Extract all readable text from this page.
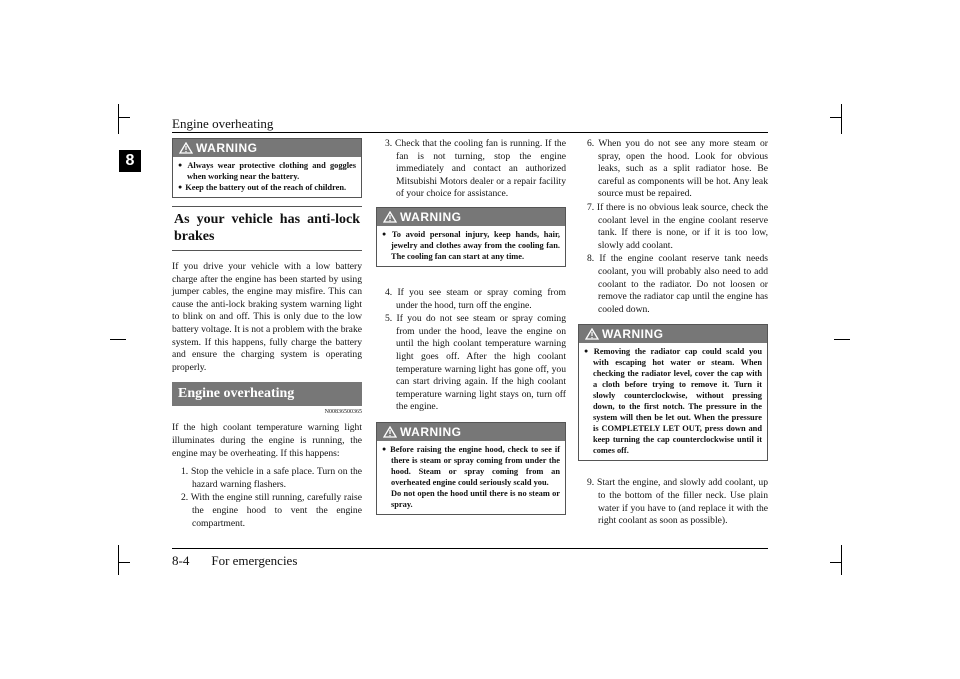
Engine overheating
8
WARNING

● Always wear protective clothing and goggles when working near the battery.

● Keep the battery out of the reach of children.

As your vehicle has anti-lock brakes

If you drive your vehicle with a low battery charge after the engine has been started by using jumper cables, the engine may misfire. This can cause the anti-lock braking system warning light to blink on and off. This is only due to the low battery voltage. It is not a problem with the brake system. If this happens, fully charge the battery and ensure the charging system is operating properly.

Engine overheating
N00836500365

If the high coolant temperature warning light illuminates during the engine is running, the engine may be overheating. If this happens:

1. Stop the vehicle in a safe place. Turn on the hazard warning flashers.

2. With the engine still running, carefully raise the engine hood to vent the engine compartment.

3. Check that the cooling fan is running. If the fan is not turning, stop the engine immediately and contact an authorized Mitsubishi Motors dealer or a repair facility of your choice for assistance.

WARNING

● To avoid personal injury, keep hands, hair, jewelry and clothes away from the cooling fan. The cooling fan can start at any time.

4. If you see steam or spray coming from under the hood, turn off the engine.

5. If you do not see steam or spray coming from under the hood, leave the engine on until the high coolant temperature warning light goes off. After the high coolant temperature warning light has gone off, you can start driving again. If the high coolant temperature warning light stays on, turn off the engine.

WARNING

● Before raising the engine hood, check to see if there is steam or spray coming from under the hood. Steam or spray coming from an overheated engine could seriously scald you.

Do not open the hood until there is no steam or spray.

6. When you do not see any more steam or spray, open the hood. Look for obvious leaks, such as a split radiator hose. Be careful as components will be hot. Any leak source must be repaired.

7. If there is no obvious leak source, check the coolant level in the engine coolant reserve tank. If there is none, or if it is too low, slowly add coolant.

8. If the engine coolant reserve tank needs coolant, you will probably also need to add coolant to the radiator. Do not loosen or remove the radiator cap until the engine has cooled down.

WARNING

● Removing the radiator cap could scald you with escaping hot water or steam. When checking the radiator level, cover the cap with a cloth before trying to remove it. Turn it slowly counterclockwise, without pressing down, to the first notch. The pressure in the system will then be let out. When the pressure is COMPLETELY LET OUT, press down and keep turning the cap counterclockwise until it comes off.

9. Start the engine, and slowly add coolant, up to the bottom of the filler neck. Use plain water if you have to (and replace it with the right coolant as soon as possible).

8-4 For emergencies
